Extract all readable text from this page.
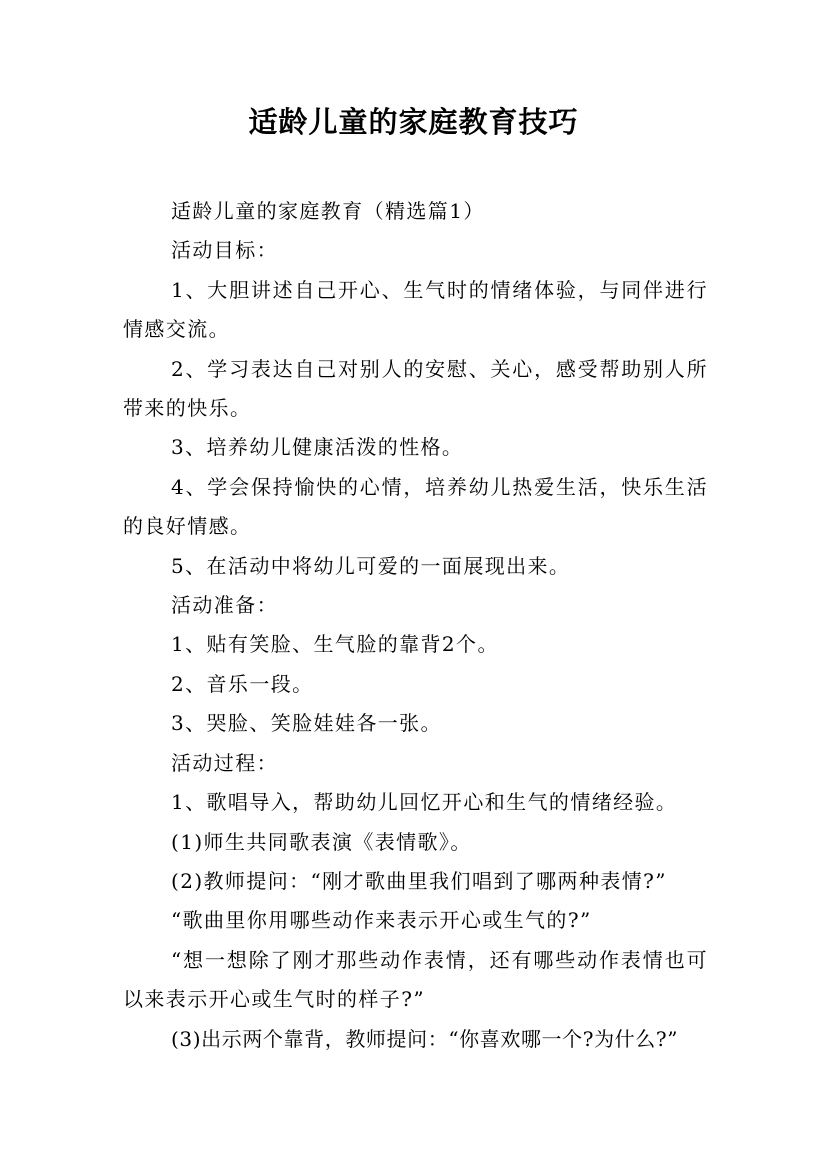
适龄儿童的家庭教育技巧

适龄儿童的家庭教育（精选篇1）

活动目标：

1、大胆讲述自己开心、生气时的情绪体验，与同伴进行情感交流。

2、学习表达自己对别人的安慰、关心，感受帮助别人所带来的快乐。

3、培养幼儿健康活泼的性格。

4、学会保持愉快的心情，培养幼儿热爱生活，快乐生活的良好情感。

5、在活动中将幼儿可爱的一面展现出来。

活动准备：

1、贴有笑脸、生气脸的靠背2个。

2、音乐一段。

3、哭脸、笑脸娃娃各一张。

活动过程：

1、歌唱导入，帮助幼儿回忆开心和生气的情绪经验。

(1)师生共同歌表演《表情歌》。

(2)教师提问：“刚才歌曲里我们唱到了哪两种表情?”

“歌曲里你用哪些动作来表示开心或生气的?”

“想一想除了刚才那些动作表情，还有哪些动作表情也可以来表示开心或生气时的样子?”

(3)出示两个靠背，教师提问：“你喜欢哪一个?为什么?”
